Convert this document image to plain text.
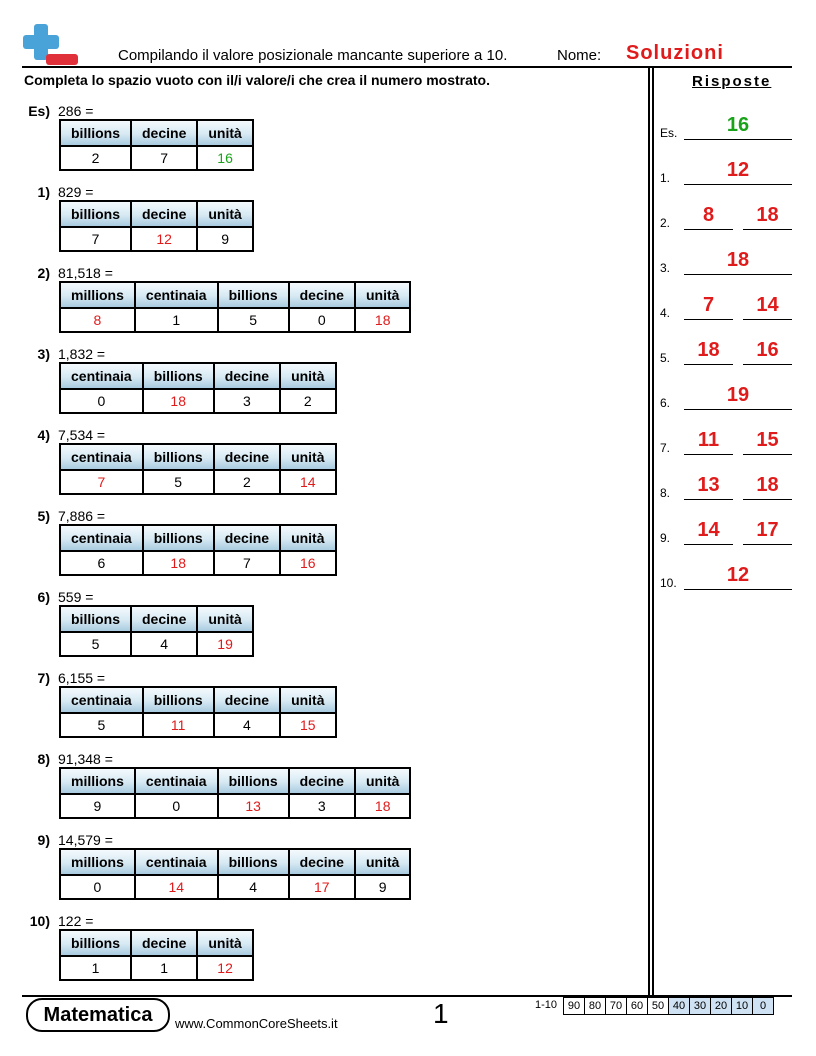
Compilando il valore posizionale mancante superiore a 10.	Nome: Soluzioni
Completa lo spazio vuoto con il/i valore/i che crea il numero mostrato.	Risposte
Es) 286 =
billions	decine	unità
2	7	16
1) 829 =
billions	decine	unità
7	12	9
2) 81,518 =
millions	centinaia	billions	decine	unità
8	1	5	0	18
3) 1,832 =
centinaia	billions	decine	unità
0	18	3	2
4) 7,534 =
centinaia	billions	decine	unità
7	5	2	14
5) 7,886 =
centinaia	billions	decine	unità
6	18	7	16
6) 559 =
billions	decine	unità
5	4	19
7) 6,155 =
centinaia	billions	decine	unità
5	11	4	15
8) 91,348 =
millions	centinaia	billions	decine	unità
9	0	13	3	18
9) 14,579 =
millions	centinaia	billions	decine	unità
0	14	4	17	9
10) 122 =
billions	decine	unità
1	1	12
Es.	16
1.	12
2.	8	18
3.	18
4.	7	14
5.	18	16
6.	19
7.	11	15
8.	13	18
9.	14	17
10.	12
Matematica	www.CommonCoreSheets.it	1	1-10 90 80 70 60 50 40 30 20 10	0
